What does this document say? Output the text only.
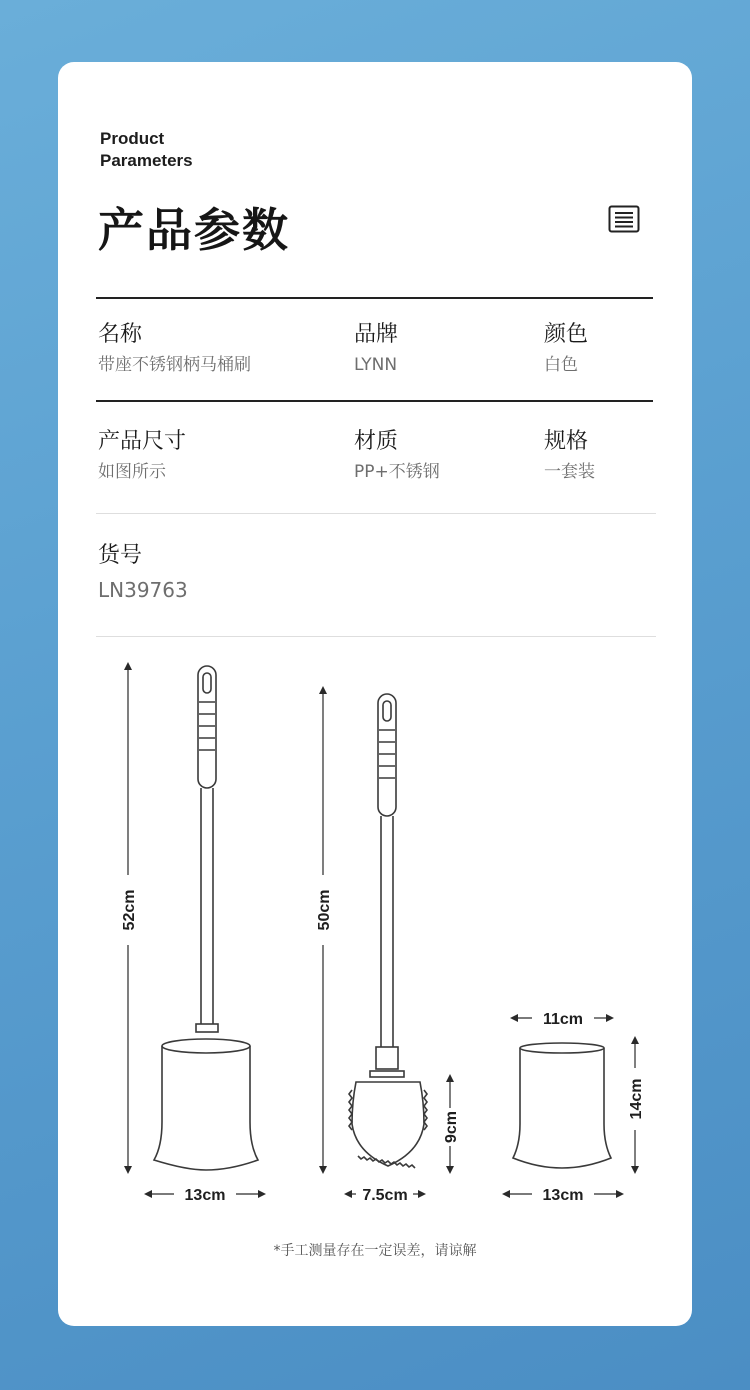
Product
Parameters
产品参数
名称
带座不锈钢柄马桶刷
品牌
LYNN
颜色
白色
产品尺寸
如图所示
材质
PP+不锈钢
规格
一套装
货号
LN39763
52cm	50cm
9cm
14cm
13cm	7.5cm	13cm
11cm
*手工测量存在一定误差，请谅解
